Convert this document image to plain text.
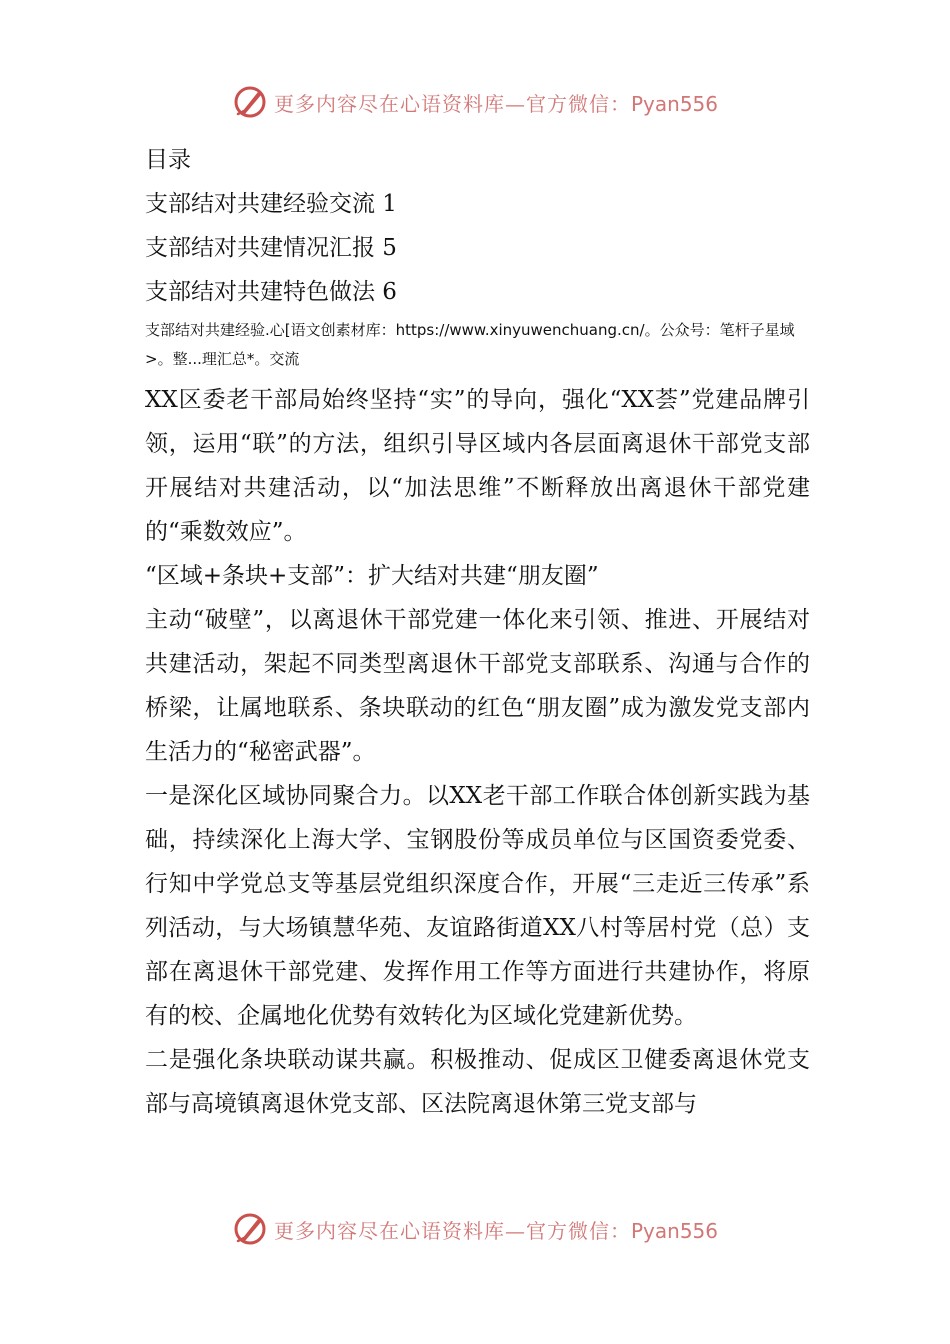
更多内容尽在心语资料库—官方微信：Pyan556
目录
支部结对共建经验交流 1
支部结对共建情况汇报 5
支部结对共建特色做法 6
支部结对共建经验.心[语文创素材库：https://www.xinyuwenchuang.cn/。公众号：笔杆子星域>。整...理汇总*。交流
XX区委老干部局始终坚持“实”的导向，强化“XX荟”党建品牌引领，运用“联”的方法，组织引导区域内各层面离退休干部党支部开展结对共建活动，以“加法思维”不断释放出离退休干部党建的“乘数效应”。
“区域+条块+支部”：扩大结对共建“朋友圈”
主动“破壁”，以离退休干部党建一体化来引领、推进、开展结对共建活动，架起不同类型离退休干部党支部联系、沟通与合作的桥梁，让属地联系、条块联动的红色“朋友圈”成为激发党支部内生活力的“秘密武器”。
一是深化区域协同聚合力。以XX老干部工作联合体创新实践为基础，持续深化上海大学、宝钢股份等成员单位与区国资委党委、行知中学党总支等基层党组织深度合作，开展“三走近三传承”系列活动，与大场镇慧华苑、友谊路街道XX八村等居村党（总）支部在离退休干部党建、发挥作用工作等方面进行共建协作，将原有的校、企属地化优势有效转化为区域化党建新优势。
二是强化条块联动谋共赢。积极推动、促成区卫健委离退休党支部与高境镇离退休党支部、区法院离退休第三党支部与
更多内容尽在心语资料库—官方微信：Pyan556
